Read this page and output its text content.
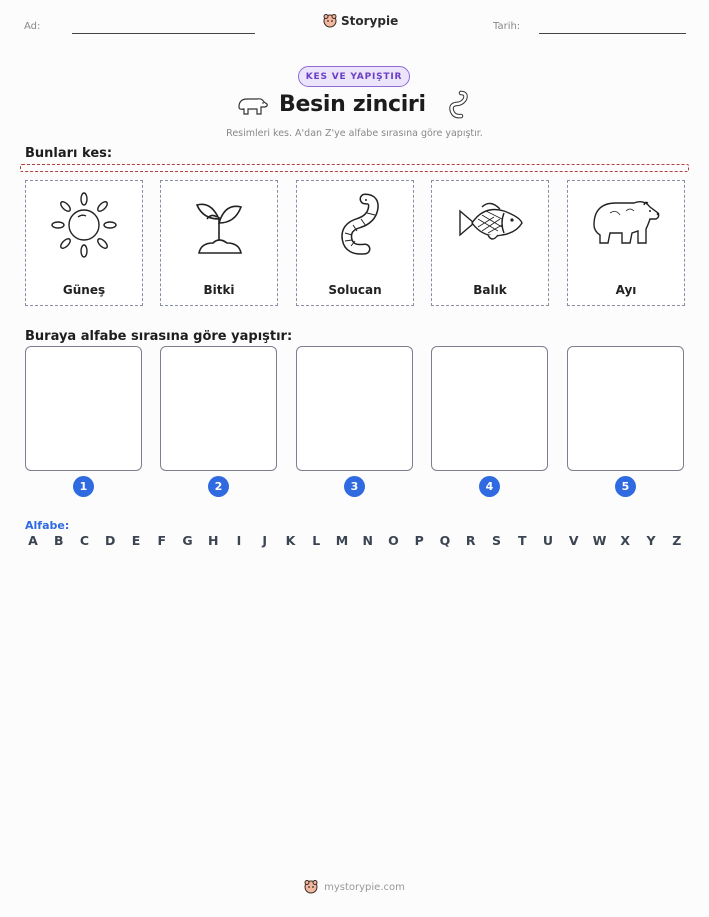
Ad:	Storypie	Tarih:
KES VE YAPIŞTIR
Besin zinciri
Resimleri kes. A'dan Z'ye alfabe sırasına göre yapıştır.
Bunları kes:
Güneş	Bitki	Solucan	Balık	Ayı
Buraya alfabe sırasına göre yapıştır:
1	2	3	4	5
Alfabe:
A B C D E F G H	I	J	K	L	M N O P Q R S T U V W X Y Z
mystorypie.com
